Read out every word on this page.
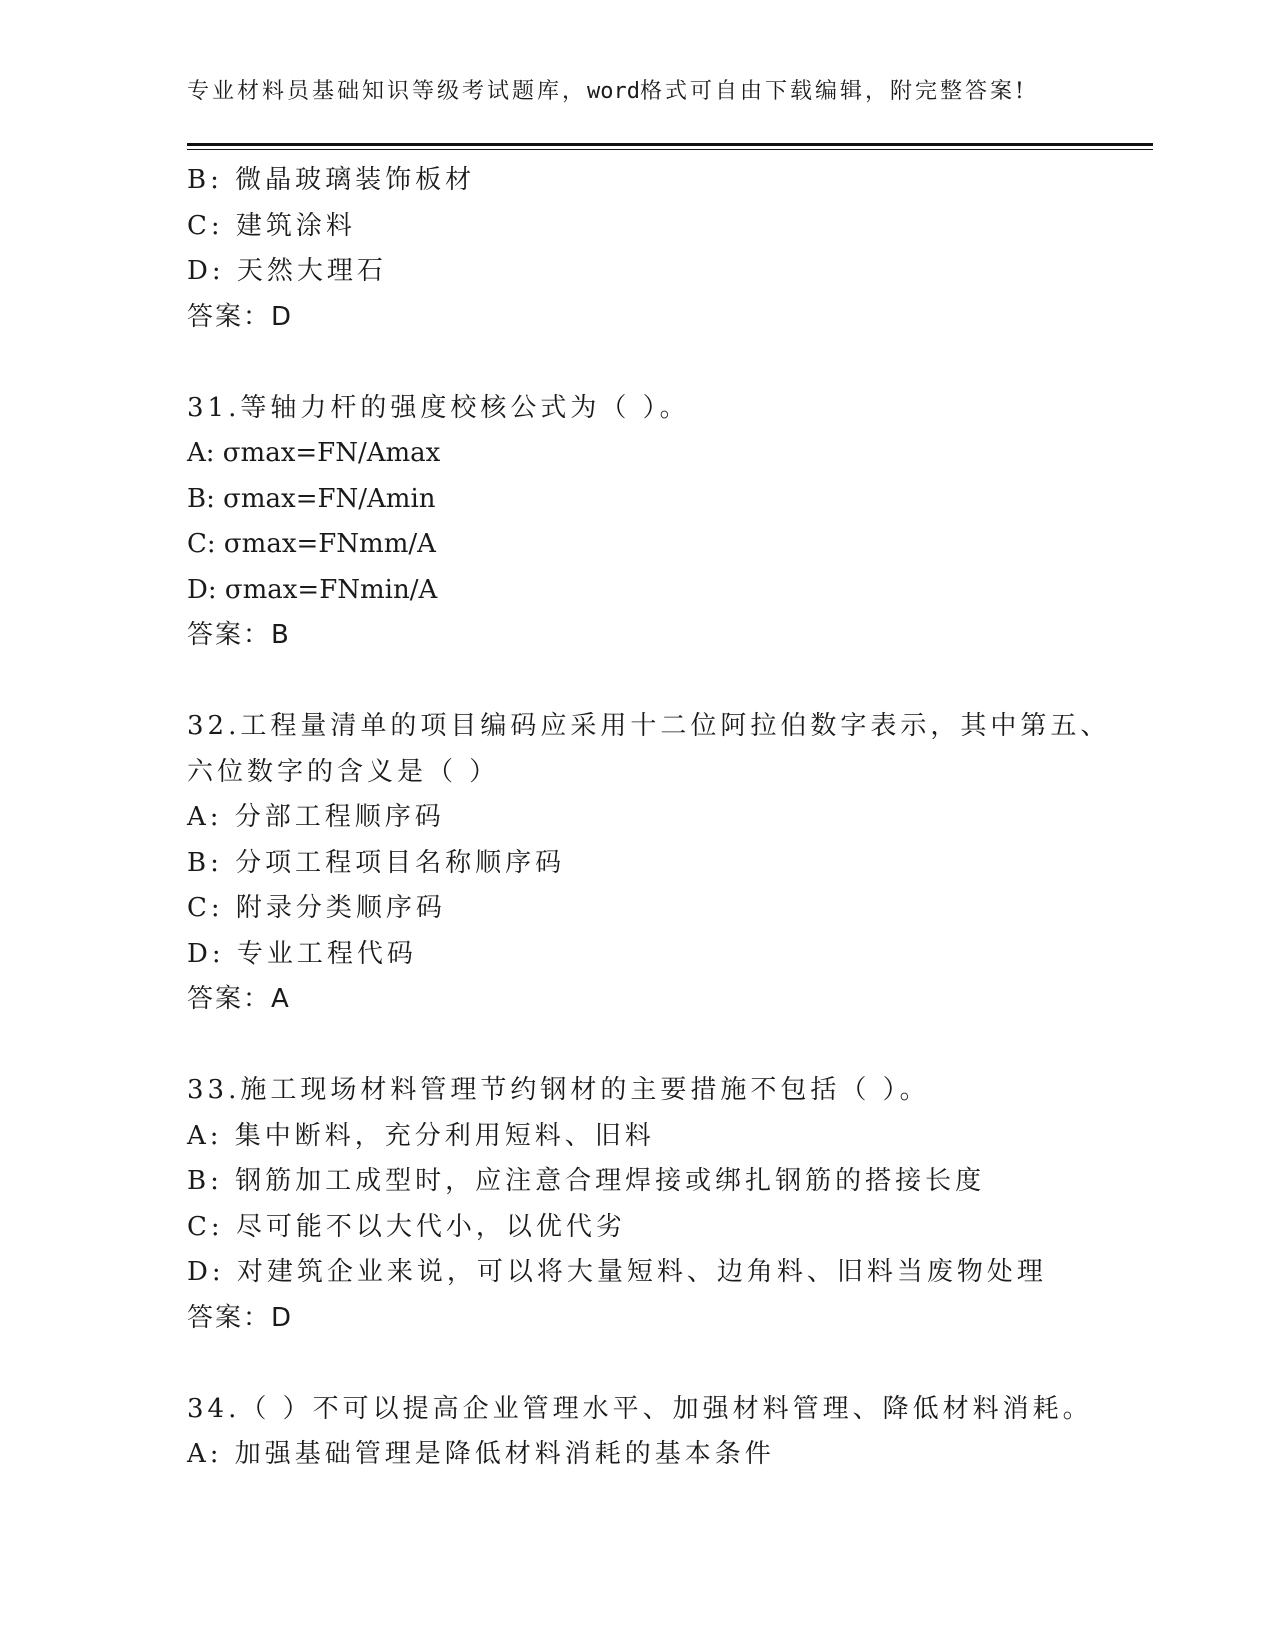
专业材料员基础知识等级考试题库，word格式可自由下载编辑，附完整答案!
B: 微晶玻璃装饰板材
C: 建筑涂料
D: 天然大理石
答案：D
31.等轴力杆的强度校核公式为（ ）。
A: σmax=FN/Amax
B: σmax=FN/Amin
C: σmax=FNmm/A
D: σmax=FNmin/A
答案：B
32.工程量清单的项目编码应采用十二位阿拉伯数字表示，其中第五、
六位数字的含义是（ ）
A: 分部工程顺序码
B: 分项工程项目名称顺序码
C: 附录分类顺序码
D: 专业工程代码
答案：A
33.施工现场材料管理节约钢材的主要措施不包括（ ）。
A: 集中断料，充分利用短料、旧料
B: 钢筋加工成型时，应注意合理焊接或绑扎钢筋的搭接长度
C: 尽可能不以大代小，以优代劣
D: 对建筑企业来说，可以将大量短料、边角料、旧料当废物处理
答案：D
34.（ ）不可以提高企业管理水平、加强材料管理、降低材料消耗。
A: 加强基础管理是降低材料消耗的基本条件
